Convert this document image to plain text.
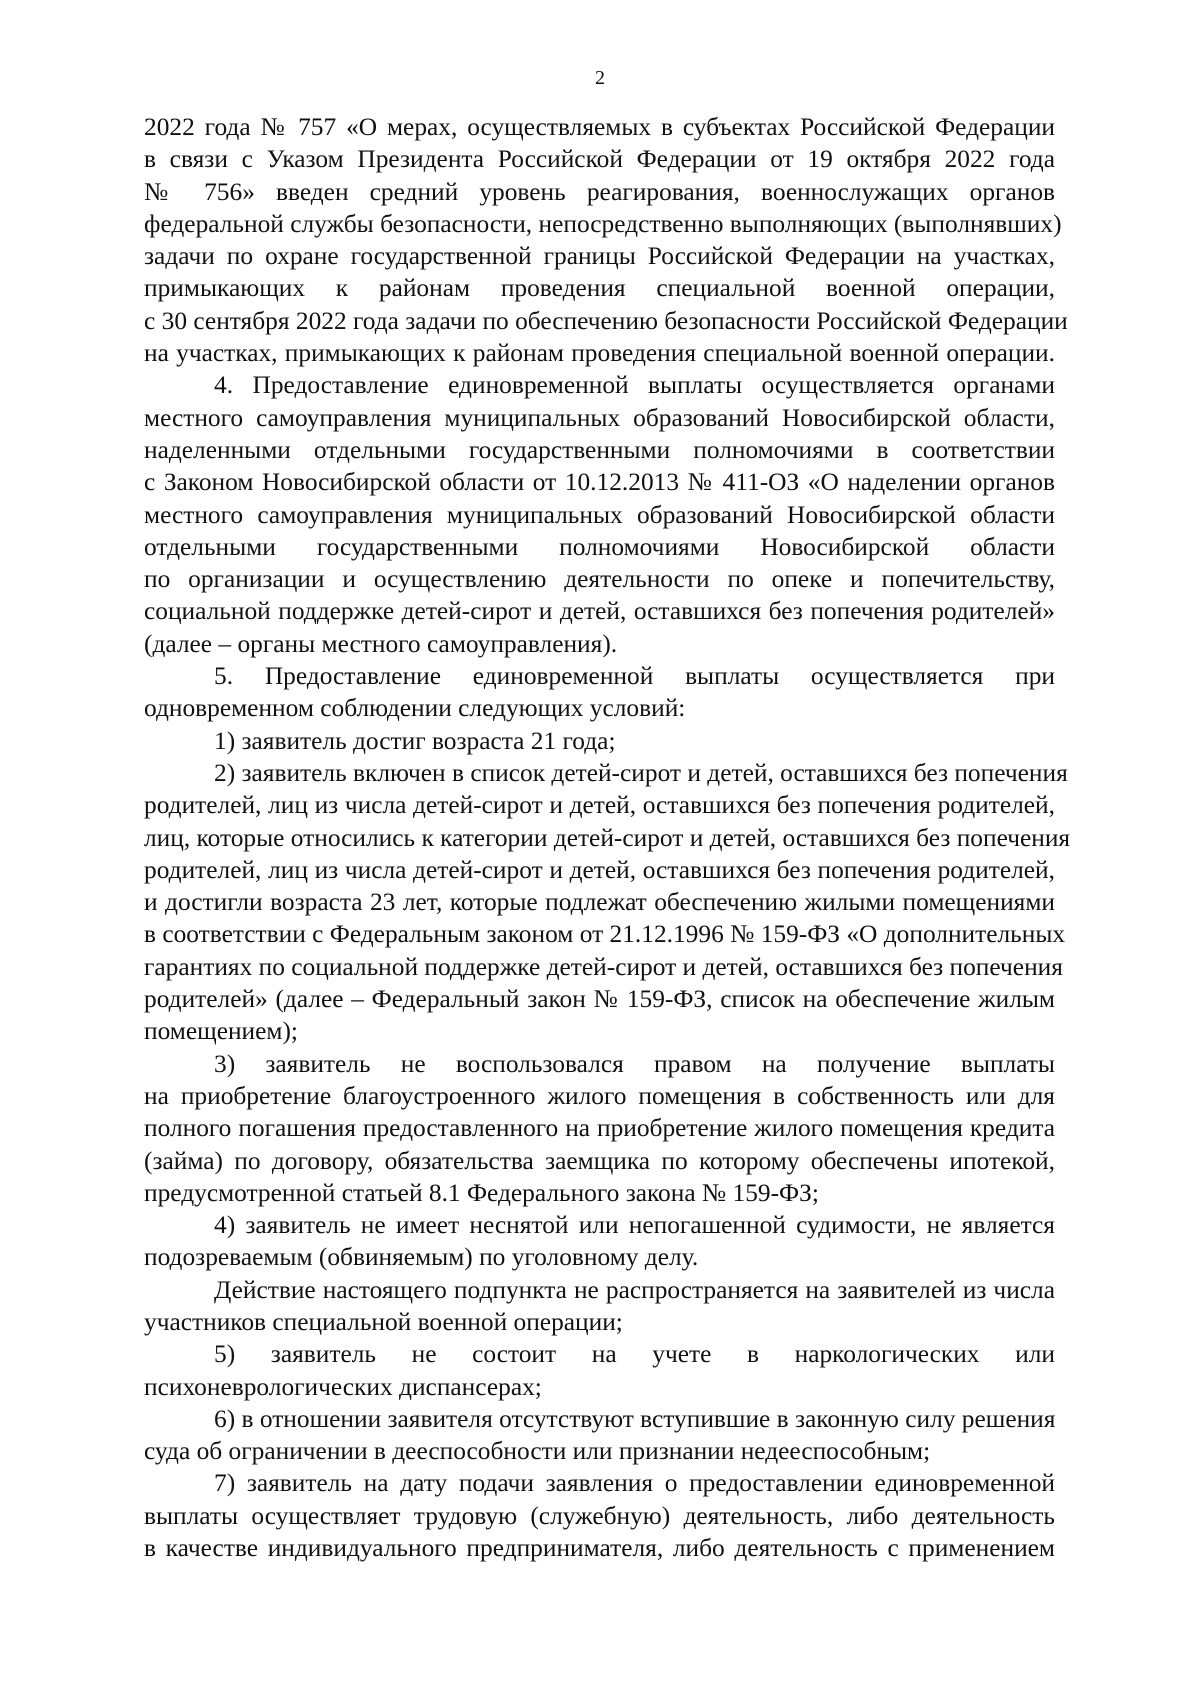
2
2022 года № 757 «О мерах, осуществляемых в субъектах Российской Федерации
в связи с Указом Президента Российской Федерации от 19 октября 2022 года
№ 756» введен средний уровень реагирования, военнослужащих органов
федеральной службы безопасности, непосредственно выполняющих (выполнявших)
задачи по охране государственной границы Российской Федерации на участках,
примыкающих к районам проведения специальной военной операции,
с 30 сентября 2022 года задачи по обеспечению безопасности Российской Федерации
на участках, примыкающих к районам проведения специальной военной операции.
4. Предоставление единовременной выплаты осуществляется органами
местного самоуправления муниципальных образований Новосибирской области,
наделенными отдельными государственными полномочиями в соответствии
с Законом Новосибирской области от 10.12.2013 № 411-ОЗ «О наделении органов
местного самоуправления муниципальных образований Новосибирской области
отдельными государственными полномочиями Новосибирской области
по организации и осуществлению деятельности по опеке и попечительству,
социальной поддержке детей-сирот и детей, оставшихся без попечения родителей»
(далее – органы местного самоуправления).
5. Предоставление единовременной выплаты осуществляется при
одновременном соблюдении следующих условий:
1) заявитель достиг возраста 21 года;
2) заявитель включен в список детей-сирот и детей, оставшихся без попечения
родителей, лиц из числа детей-сирот и детей, оставшихся без попечения родителей,
лиц, которые относились к категории детей-сирот и детей, оставшихся без попечения
родителей, лиц из числа детей-сирот и детей, оставшихся без попечения родителей,
и достигли возраста 23 лет, которые подлежат обеспечению жилыми помещениями
в соответствии с Федеральным законом от 21.12.1996 № 159-ФЗ «О дополнительных
гарантиях по социальной поддержке детей-сирот и детей, оставшихся без попечения
родителей» (далее – Федеральный закон № 159-ФЗ, список на обеспечение жилым
помещением);
3) заявитель не воспользовался правом на получение выплаты
на приобретение благоустроенного жилого помещения в собственность или для
полного погашения предоставленного на приобретение жилого помещения кредита
(займа) по договору, обязательства заемщика по которому обеспечены ипотекой,
предусмотренной статьей 8.1 Федерального закона № 159-ФЗ;
4) заявитель не имеет неснятой или непогашенной судимости, не является
подозреваемым (обвиняемым) по уголовному делу.
Действие настоящего подпункта не распространяется на заявителей из числа
участников специальной военной операции;
5) заявитель не состоит на учете в наркологических или
психоневрологических диспансерах;
6) в отношении заявителя отсутствуют вступившие в законную силу решения
суда об ограничении в дееспособности или признании недееспособным;
7) заявитель на дату подачи заявления о предоставлении единовременной
выплаты осуществляет трудовую (служебную) деятельность, либо деятельность
в качестве индивидуального предпринимателя, либо деятельность с применением
